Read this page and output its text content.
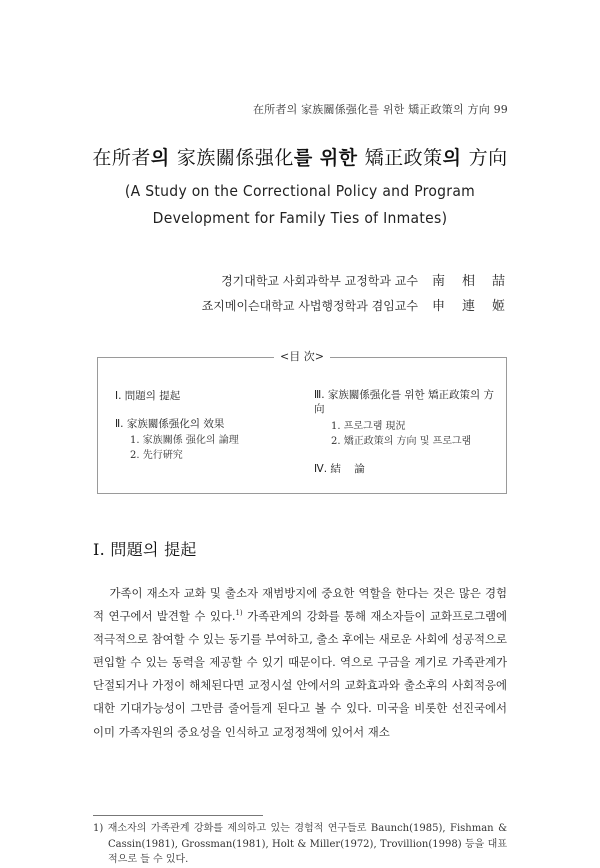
在所者의 家族關係强化를 위한 矯正政策의 方向 99
在所者의 家族關係强化를 위한 矯正政策의 方向
(A Study on the Correctional Policy and Program
Development for Family Ties of Inmates)
경기대학교 사회과학부 교정학과 교수 南相喆
죠지메이슨대학교 사법행정학과 겸임교수 申連姬
<目 次>
Ⅰ. 問題의 提起
Ⅱ. 家族關係强化의 效果
1. 家族關係 强化의 論理
2. 先行硏究
Ⅲ. 家族關係强化를 위한 矯正政策의 方向
1. 프로그램 現況
2. 矯正政策의 方向 및 프로그램
Ⅳ. 結    論
I. 問題의 提起
가족이 재소자 교화 및 출소자 재범방지에 중요한 역할을 한다는 것은 많은 경험적 연구에서 발견할 수 있다.$^{1)}$ 가족관계의 강화를 통해 재소자들이 교화프로그램에 적극적으로 참여할 수 있는 동기를 부여하고, 출소 후에는 새로운 사회에 성공적으로 편입할 수 있는 동력을 제공할 수 있기 때문이다. 역으로 구금을 계기로 가족관계가 단절되거나 가정이 해체된다면 교정시설 안에서의 교화효과와 출소후의 사회적응에 대한 기대가능성이 그만큼 줄어들게 된다고 볼 수 있다. 미국을 비롯한 선진국에서 이미 가족자원의 중요성을 인식하고 교정정책에 있어서 재소
1) 재소자의 가족관계 강화를 제의하고 있는 경험적 연구들로 Baunch(1985), Fishman & Cassin(1981), Grossman(1981), Holt & Miller(1972), Trovillion(1998) 등을 대표적으로 들 수 있다.
